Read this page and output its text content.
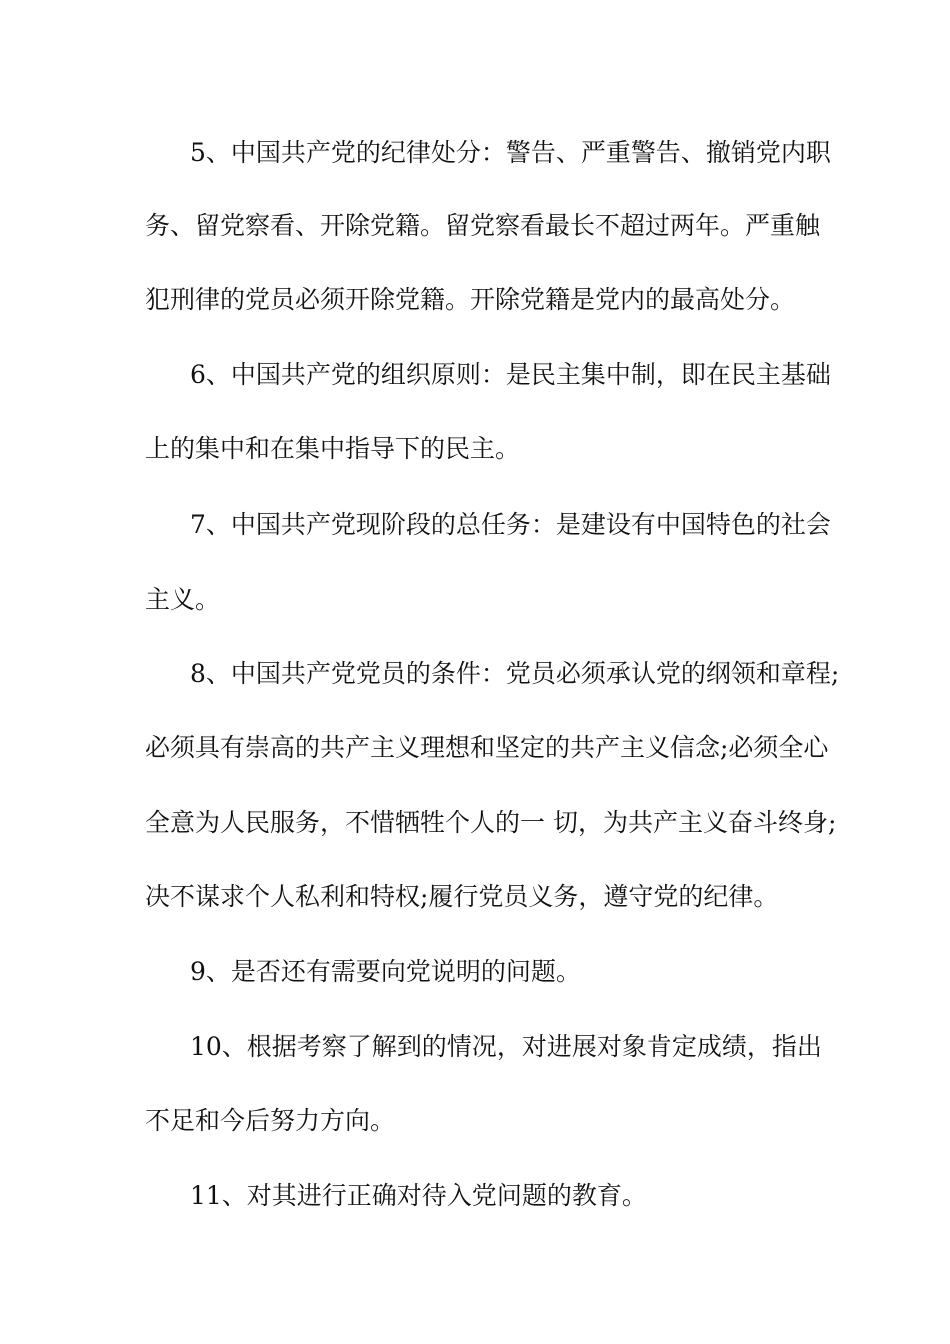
5、中国共产党的纪律处分：警告、严重警告、撤销党内职
务、留党察看、开除党籍。留党察看最长不超过两年。严重触
犯刑律的党员必须开除党籍。开除党籍是党内的最高处分。
6、中国共产党的组织原则：是民主集中制，即在民主基础
上的集中和在集中指导下的民主。
7、中国共产党现阶段的总任务：是建设有中国特色的社会
主义。
8、中国共产党党员的条件：党员必须承认党的纲领和章程;
必须具有崇高的共产主义理想和坚定的共产主义信念;必须全心
全意为人民服务，不惜牺牲个人的一 切，为共产主义奋斗终身;
决不谋求个人私利和特权;履行党员义务，遵守党的纪律。
9、是否还有需要向党说明的问题。
10、根据考察了解到的情况，对进展对象肯定成绩，指出
不足和今后努力方向。
11、对其进行正确对待入党问题的教育。
